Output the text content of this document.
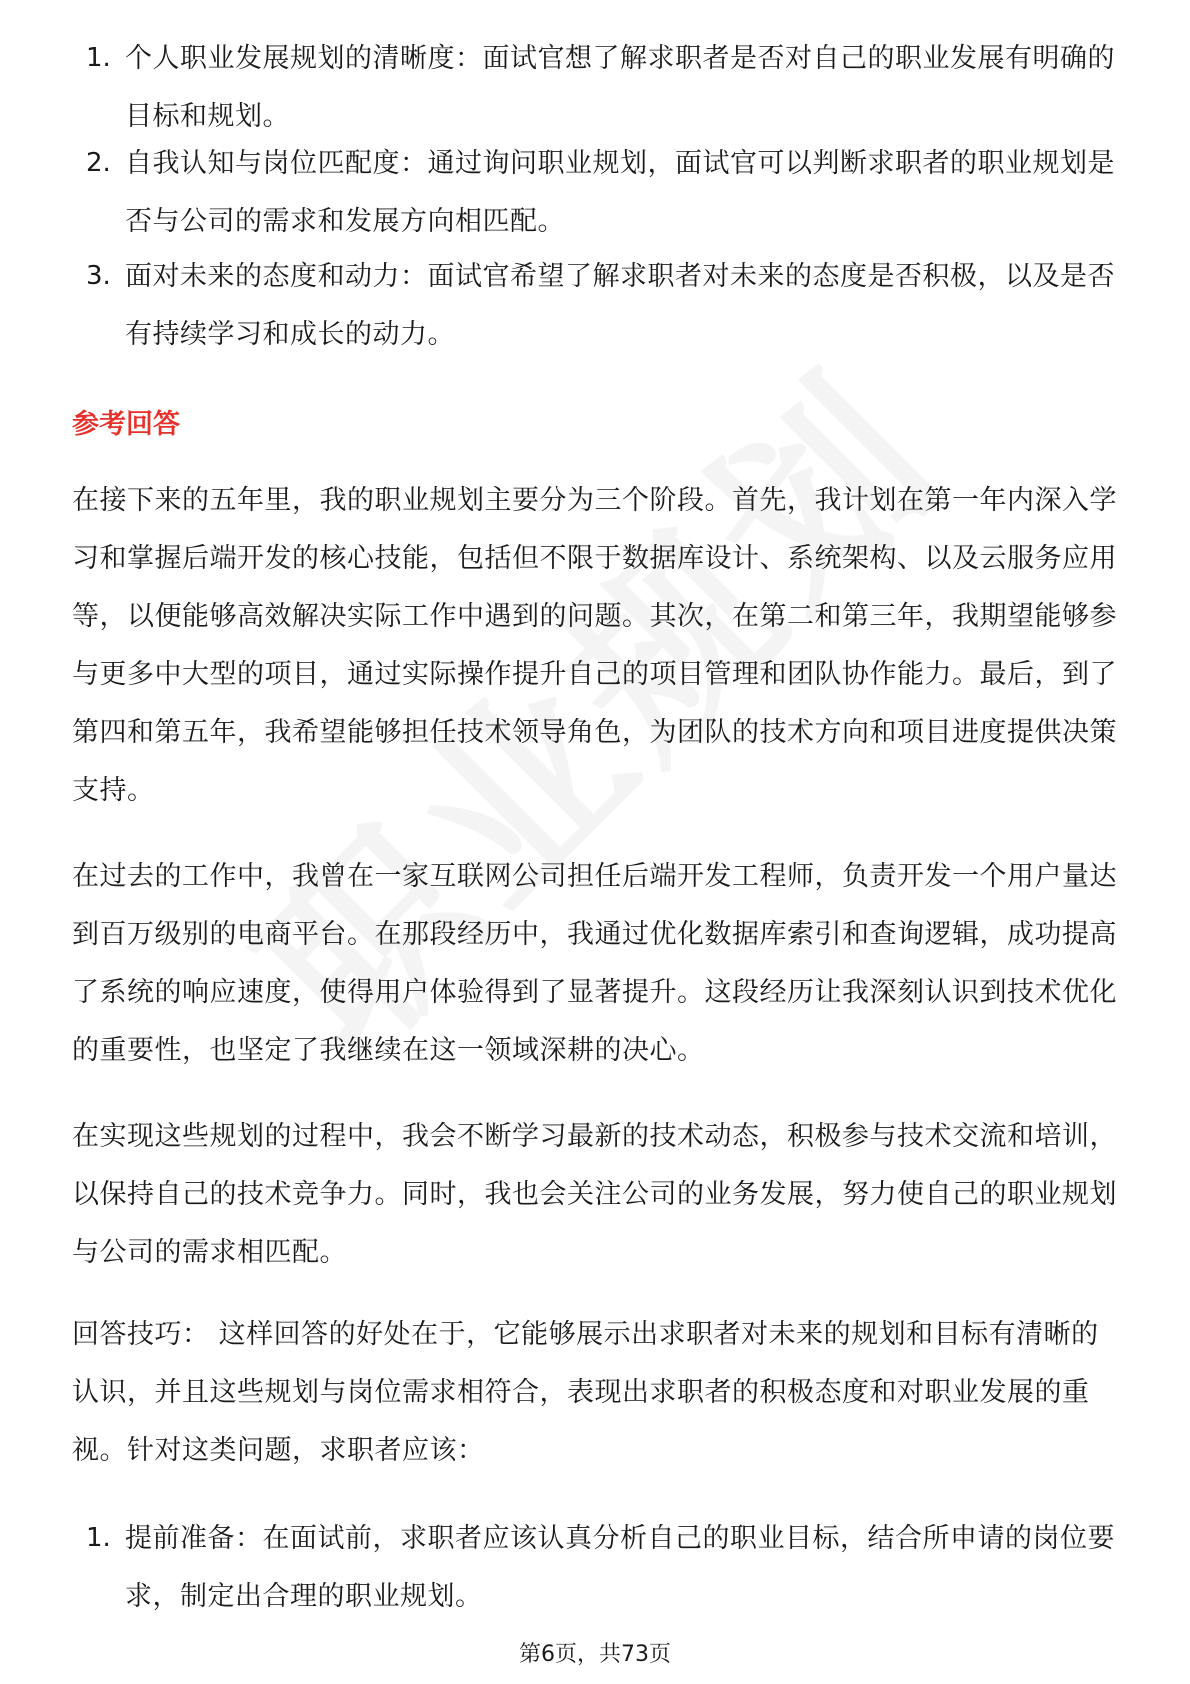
1. 个人职业发展规划的清晰度：面试官想了解求职者是否对自己的职业发展有明确的目标和规划。
2. 自我认知与岗位匹配度：通过询问职业规划，面试官可以判断求职者的职业规划是否与公司的需求和发展方向相匹配。
3. 面对未来的态度和动力：面试官希望了解求职者对未来的态度是否积极，以及是否有持续学习和成长的动力。
参考回答
在接下来的五年里，我的职业规划主要分为三个阶段。首先，我计划在第一年内深入学习和掌握后端开发的核心技能，包括但不限于数据库设计、系统架构、以及云服务应用等，以便能够高效解决实际工作中遇到的问题。其次，在第二和第三年，我期望能够参与更多中大型的项目，通过实际操作提升自己的项目管理和团队协作能力。最后，到了第四和第五年，我希望能够担任技术领导角色，为团队的技术方向和项目进度提供决策支持。
在过去的工作中，我曾在一家互联网公司担任后端开发工程师，负责开发一个用户量达到百万级别的电商平台。在那段经历中，我通过优化数据库索引和查询逻辑，成功提高了系统的响应速度，使得用户体验得到了显著提升。这段经历让我深刻认识到技术优化的重要性，也坚定了我继续在这一领域深耕的决心。
在实现这些规划的过程中，我会不断学习最新的技术动态，积极参与技术交流和培训，以保持自己的技术竞争力。同时，我也会关注公司的业务发展，努力使自己的职业规划与公司的需求相匹配。
回答技巧： 这样回答的好处在于，它能够展示出求职者对未来的规划和目标有清晰的认识，并且这些规划与岗位需求相符合，表现出求职者的积极态度和对职业发展的重视。针对这类问题，求职者应该：
1. 提前准备：在面试前，求职者应该认真分析自己的职业目标，结合所申请的岗位要求，制定出合理的职业规划。
第6页，共73页
